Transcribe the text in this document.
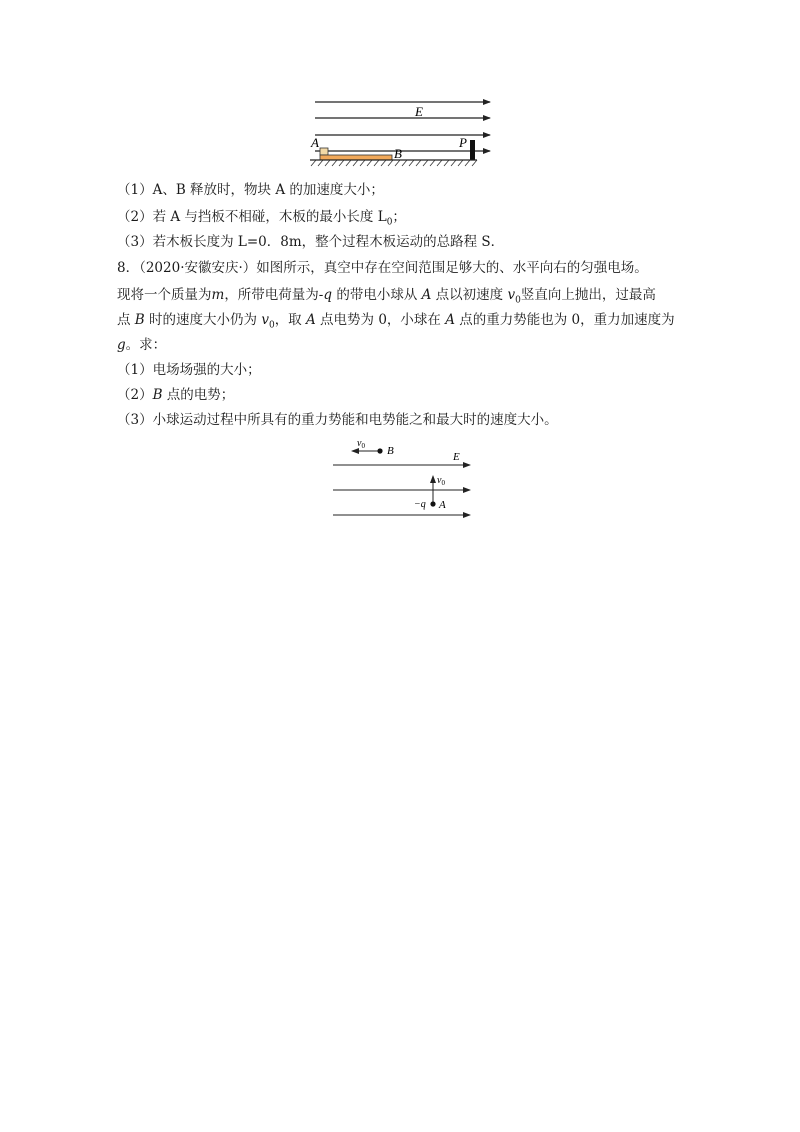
E
A	P
B
（1）A、B 释放时，物块 A 的加速度大小；
（2）若 A 与挡板不相碰，木板的最小长度 $L_0$；
（3）若木板长度为 L=0．8m，整个过程木板运动的总路程 S．
8．（2020·安徽安庆·）如图所示，真空中存在空间范围足够大的、水平向右的匀强电场。
现将一个质量为m，所带电荷量为-q 的带电小球从 A 点以初速度 $v_0$竖直向上抛出，过最高
点 B 时的速度大小仍为 $v_0$，取 A 点电势为 0，小球在 A 点的重力势能也为 0，重力加速度为
g。求：
（1）电场场强的大小；
（2）B 点的电势；
（3）小球运动过程中所具有的重力势能和电势能之和最大时的速度大小。
E
$v_0$ B
$v_0$
−q A
